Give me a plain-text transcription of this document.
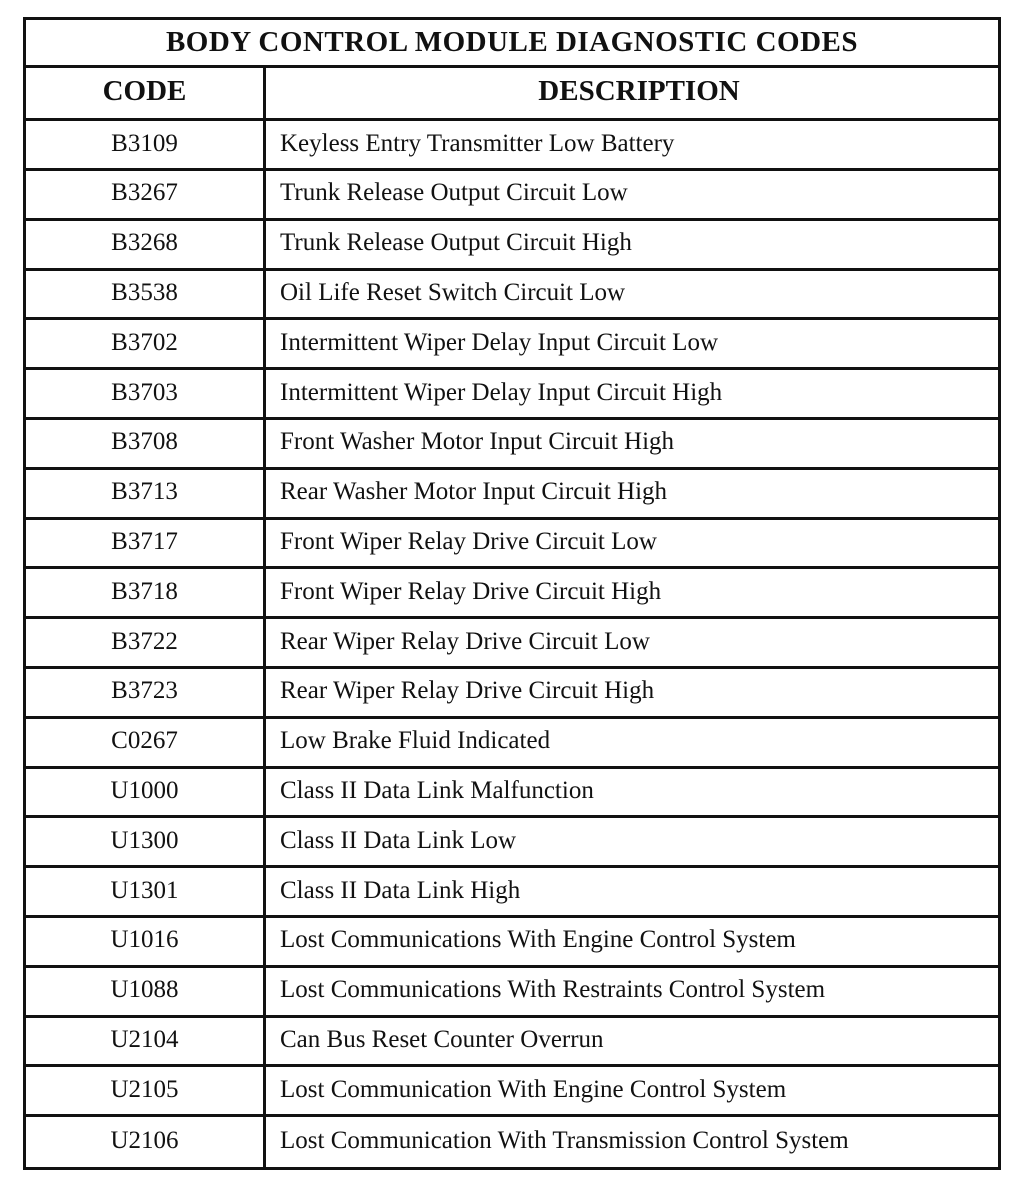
BODY CONTROL MODULE DIAGNOSTIC CODES
CODE	DESCRIPTION
B3109	Keyless Entry Transmitter Low Battery
B3267	Trunk Release Output Circuit Low
B3268	Trunk Release Output Circuit High
B3538	Oil Life Reset Switch Circuit Low
B3702	Intermittent Wiper Delay Input Circuit Low
B3703	Intermittent Wiper Delay Input Circuit High
B3708	Front Washer Motor Input Circuit High
B3713	Rear Washer Motor Input Circuit High
B3717	Front Wiper Relay Drive Circuit Low
B3718	Front Wiper Relay Drive Circuit High
B3722	Rear Wiper Relay Drive Circuit Low
B3723	Rear Wiper Relay Drive Circuit High
C0267	Low Brake Fluid Indicated
U1000	Class II Data Link Malfunction
U1300	Class II Data Link Low
U1301	Class II Data Link High
U1016	Lost Communications With Engine Control System
U1088	Lost Communications With Restraints Control System
U2104	Can Bus Reset Counter Overrun
U2105	Lost Communication With Engine Control System
U2106	Lost Communication With Transmission Control System
